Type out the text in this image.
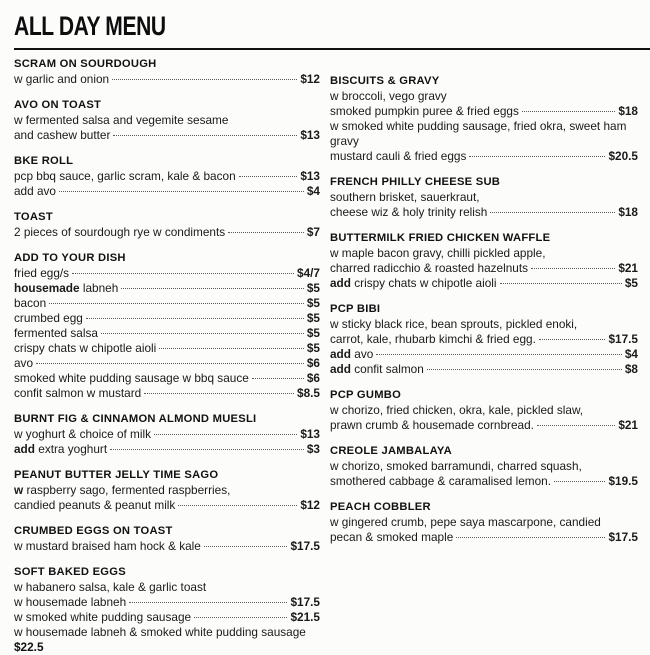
ALL DAY MENU
SCRAM ON SOURDOUGH
w garlic and onion	$12
AVO ON TOAST
w fermented salsa and vegemite sesame
and cashew butter	$13
BKE ROLL
pcp bbq sauce, garlic scram, kale & bacon	$13
add avo	$4
TOAST
2 pieces of sourdough rye w condiments	$7
ADD TO YOUR DISH
fried egg/s	$4/7
housemade labneh	$5
bacon	$5
crumbed egg	$5
fermented salsa	$5
crispy chats w chipotle aioli	$5
avo	$6
smoked white pudding sausage w bbq sauce	$6
confit salmon w mustard	$8.5
BURNT FIG & CINNAMON ALMOND MUESLI
w yoghurt & choice of milk	$13
add extra yoghurt	$3
PEANUT BUTTER JELLY TIME SAGO
w raspberry sago, fermented raspberries,
candied peanuts & peanut milk	$12
CRUMBED EGGS ON TOAST
w mustard braised ham hock & kale	$17.5
SOFT BAKED EGGS
w habanero salsa, kale & garlic toast
w housemade labneh	$17.5
w smoked white pudding sausage	$21.5
w housemade labneh & smoked white pudding sausage
$22.5
BISCUITS & GRAVY
w broccoli, vego gravy
smoked pumpkin puree & fried eggs	$18
w smoked white pudding sausage, fried okra, sweet ham
gravy
mustard cauli & fried eggs	$20.5
FRENCH PHILLY CHEESE SUB
southern brisket, sauerkraut,
cheese wiz & holy trinity relish	$18
BUTTERMILK FRIED CHICKEN WAFFLE
w maple bacon gravy, chilli pickled apple,
charred radicchio & roasted hazelnuts	$21
add crispy chats w chipotle aioli	$5
PCP BIBI
w sticky black rice, bean sprouts, pickled enoki,
carrot, kale, rhubarb kimchi & fried egg.	$17.5
add avo	$4
add confit salmon	$8
PCP GUMBO
w chorizo, fried chicken, okra, kale, pickled slaw,
prawn crumb & housemade cornbread.	$21
CREOLE JAMBALAYA
w chorizo, smoked barramundi, charred squash,
smothered cabbage & caramalised lemon.	$19.5
PEACH COBBLER
w gingered crumb, pepe saya mascarpone, candied
pecan & smoked maple	$17.5
